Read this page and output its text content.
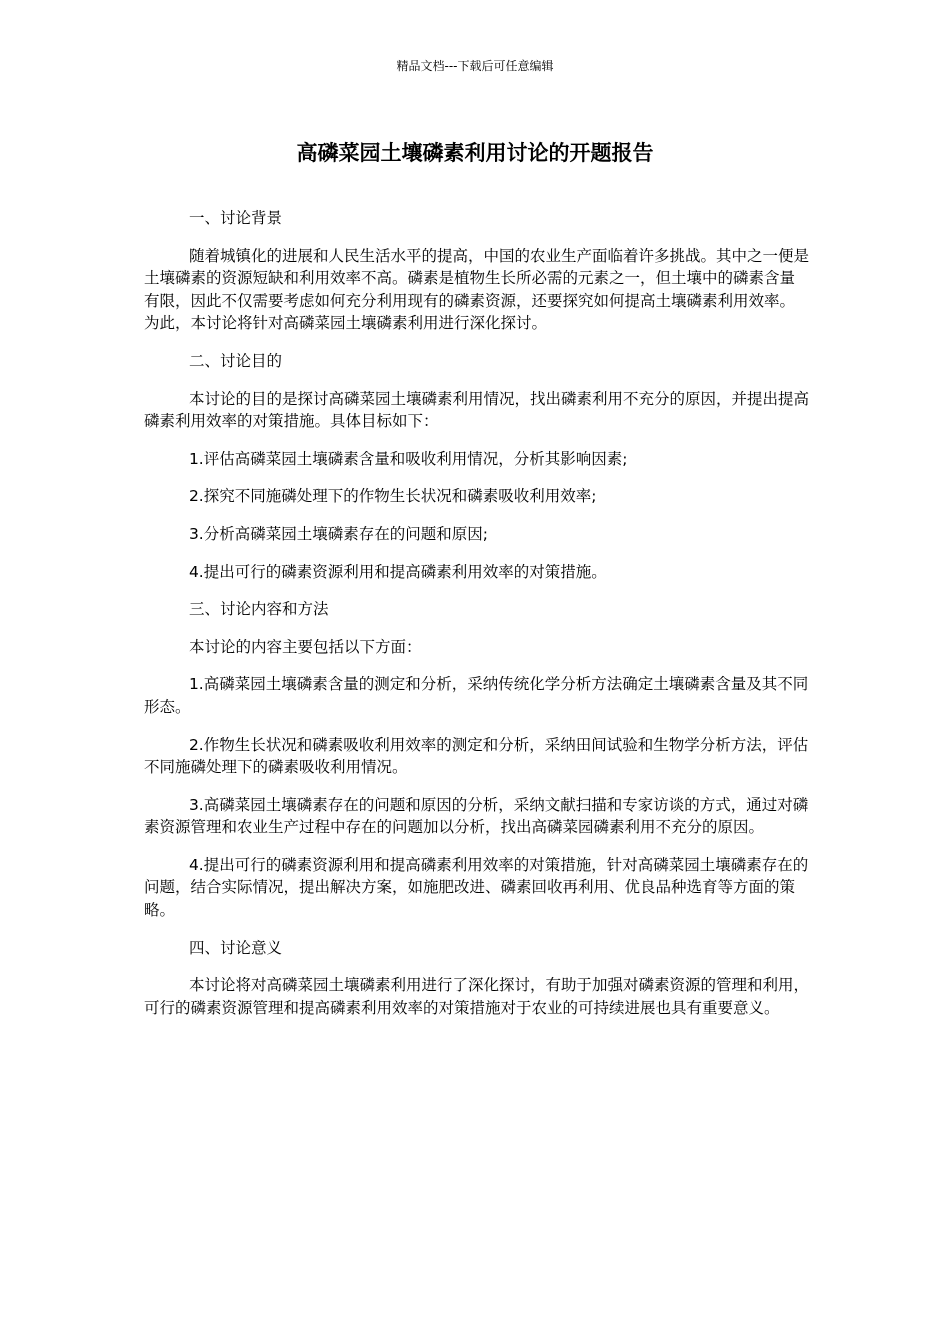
精品文档---下载后可任意编辑
高磷菜园土壤磷素利用讨论的开题报告

一、讨论背景

随着城镇化的进展和人民生活水平的提高，中国的农业生产面临着许多挑战。其中之一便是土壤磷素的资源短缺和利用效率不高。磷素是植物生长所必需的元素之一，但土壤中的磷素含量有限，因此不仅需要考虑如何充分利用现有的磷素资源，还要探究如何提高土壤磷素利用效率。为此，本讨论将针对高磷菜园土壤磷素利用进行深化探讨。

二、讨论目的

本讨论的目的是探讨高磷菜园土壤磷素利用情况，找出磷素利用不充分的原因，并提出提高磷素利用效率的对策措施。具体目标如下：

1.评估高磷菜园土壤磷素含量和吸收利用情况，分析其影响因素;

2.探究不同施磷处理下的作物生长状况和磷素吸收利用效率;

3.分析高磷菜园土壤磷素存在的问题和原因;

4.提出可行的磷素资源利用和提高磷素利用效率的对策措施。

三、讨论内容和方法

本讨论的内容主要包括以下方面：

1.高磷菜园土壤磷素含量的测定和分析，采纳传统化学分析方法确定土壤磷素含量及其不同形态。

2.作物生长状况和磷素吸收利用效率的测定和分析，采纳田间试验和生物学分析方法，评估不同施磷处理下的磷素吸收利用情况。

3.高磷菜园土壤磷素存在的问题和原因的分析，采纳文献扫描和专家访谈的方式，通过对磷素资源管理和农业生产过程中存在的问题加以分析，找出高磷菜园磷素利用不充分的原因。

4.提出可行的磷素资源利用和提高磷素利用效率的对策措施，针对高磷菜园土壤磷素存在的问题，结合实际情况，提出解决方案，如施肥改进、磷素回收再利用、优良品种选育等方面的策略。

四、讨论意义

本讨论将对高磷菜园土壤磷素利用进行了深化探讨，有助于加强对磷素资源的管理和利用，可行的磷素资源管理和提高磷素利用效率的对策措施对于农业的可持续进展也具有重要意义。
